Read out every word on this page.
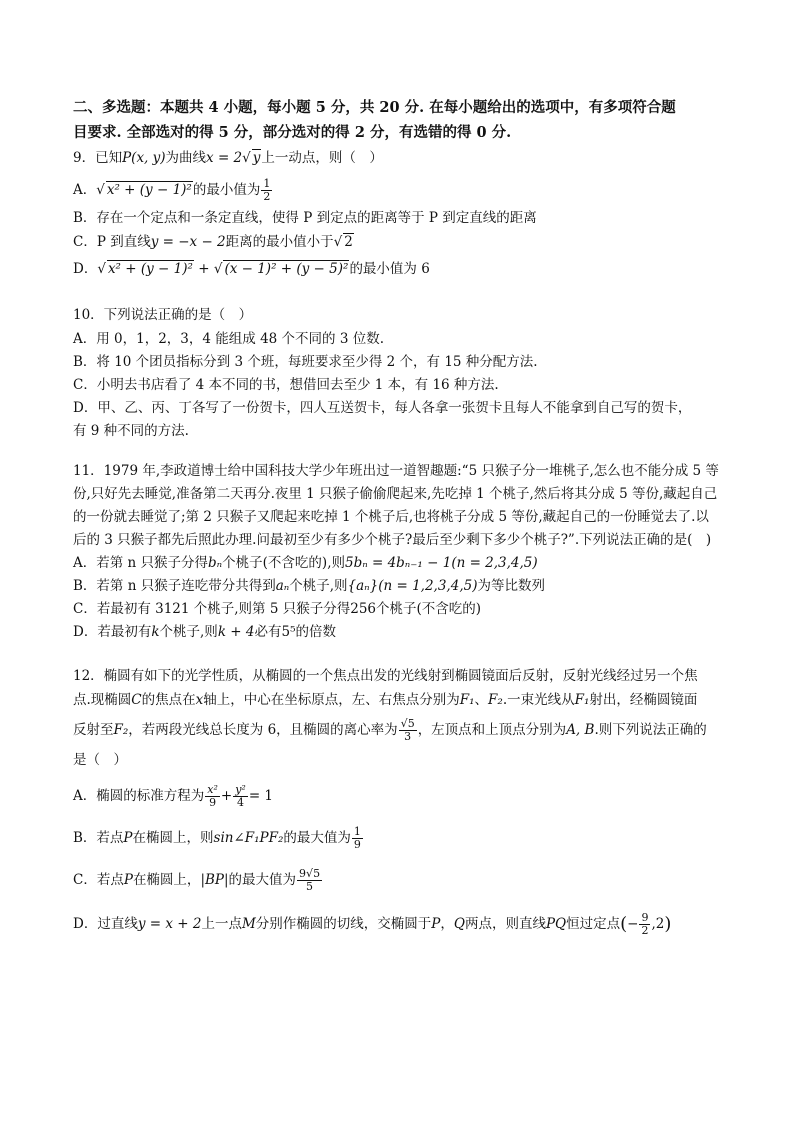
二、多选题：本题共 4 小题，每小题 5 分，共 20 分. 在每小题给出的选项中，有多项符合题
目要求. 全部选对的得 5 分，部分选对的得 2 分，有选错的得 0 分.
9．已知P(x, y)为曲线x = 2√ y上一动点，则（　）
A．√ x² + (y − 1)²的最小值为 $\frac{1}{2}$
B．存在一个定点和一条定直线，使得 P 到定点的距离等于 P 到定直线的距离
C．P 到直线y = −x − 2距离的最小值小于√ 2
D．√ x² + (y − 1)² + √ (x − 1)² + (y − 5)²的最小值为 6
10．下列说法正确的是（　）
A．用 0，1，2，3，4 能组成 48 个不同的 3 位数.
B．将 10 个团员指标分到 3 个班，每班要求至少得 2 个，有 15 种分配方法.
C．小明去书店看了 4 本不同的书，想借回去至少 1 本，有 16 种方法.
D．甲、乙、丙、丁各写了一份贺卡，四人互送贺卡，每人各拿一张贺卡且每人不能拿到自己写的贺卡，
有 9 种不同的方法.
11．1979 年,李政道博士给中国科技大学少年班出过一道智趣题:“5 只猴子分一堆桃子,怎么也不能分成 5 等
份,只好先去睡觉,准备第二天再分.夜里 1 只猴子偷偷爬起来,先吃掉 1 个桃子,然后将其分成 5 等份,藏起自己
的一份就去睡觉了;第 2 只猴子又爬起来吃掉 1 个桃子后,也将桃子分成 5 等份,藏起自己的一份睡觉去了.以
后的 3 只猴子都先后照此办理.问最初至少有多少个桃子?最后至少剩下多少个桃子?”.下列说法正确的是(　)
A．若第 n 只猴子分得bₙ个桃子(不含吃的),则5bₙ = 4bₙ₋₁ − 1(n = 2,3,4,5)
B．若第 n 只猴子连吃带分共得到aₙ个桃子,则{aₙ}(n = 1,2,3,4,5)为等比数列
C．若最初有 3121 个桃子,则第 5 只猴子分得256个桃子(不含吃的)
D．若最初有k个桃子,则k + 4必有5⁵的倍数
12．椭圆有如下的光学性质，从椭圆的一个焦点出发的光线射到椭圆镜面后反射，反射光线经过另一个焦
点.现椭圆C的焦点在x轴上，中心在坐标原点，左、右焦点分别为F₁、F₂.一束光线从F₁射出，经椭圆镜面
反射至F₂，若两段光线总长度为 6，且椭圆的离心率为 $\frac{√5}{3}$ ，左顶点和上顶点分别为A, B.则下列说法正确的
是（　）
A．椭圆的标准方程为 $\frac{\text{x²}}{9} + \frac{\text{y²}}{4} = 1$
B．若点P在椭圆上，则sin∠F₁PF₂的最大值为 $\frac{1}{9}$
C．若点P在椭圆上，|BP|的最大值为 $\frac{9√5}{5}$
D．过直线y = x + 2上一点M分别作椭圆的切线，交椭圆于P，Q两点，则直线PQ恒过定点(− $\frac{9}{2} ,2$)
